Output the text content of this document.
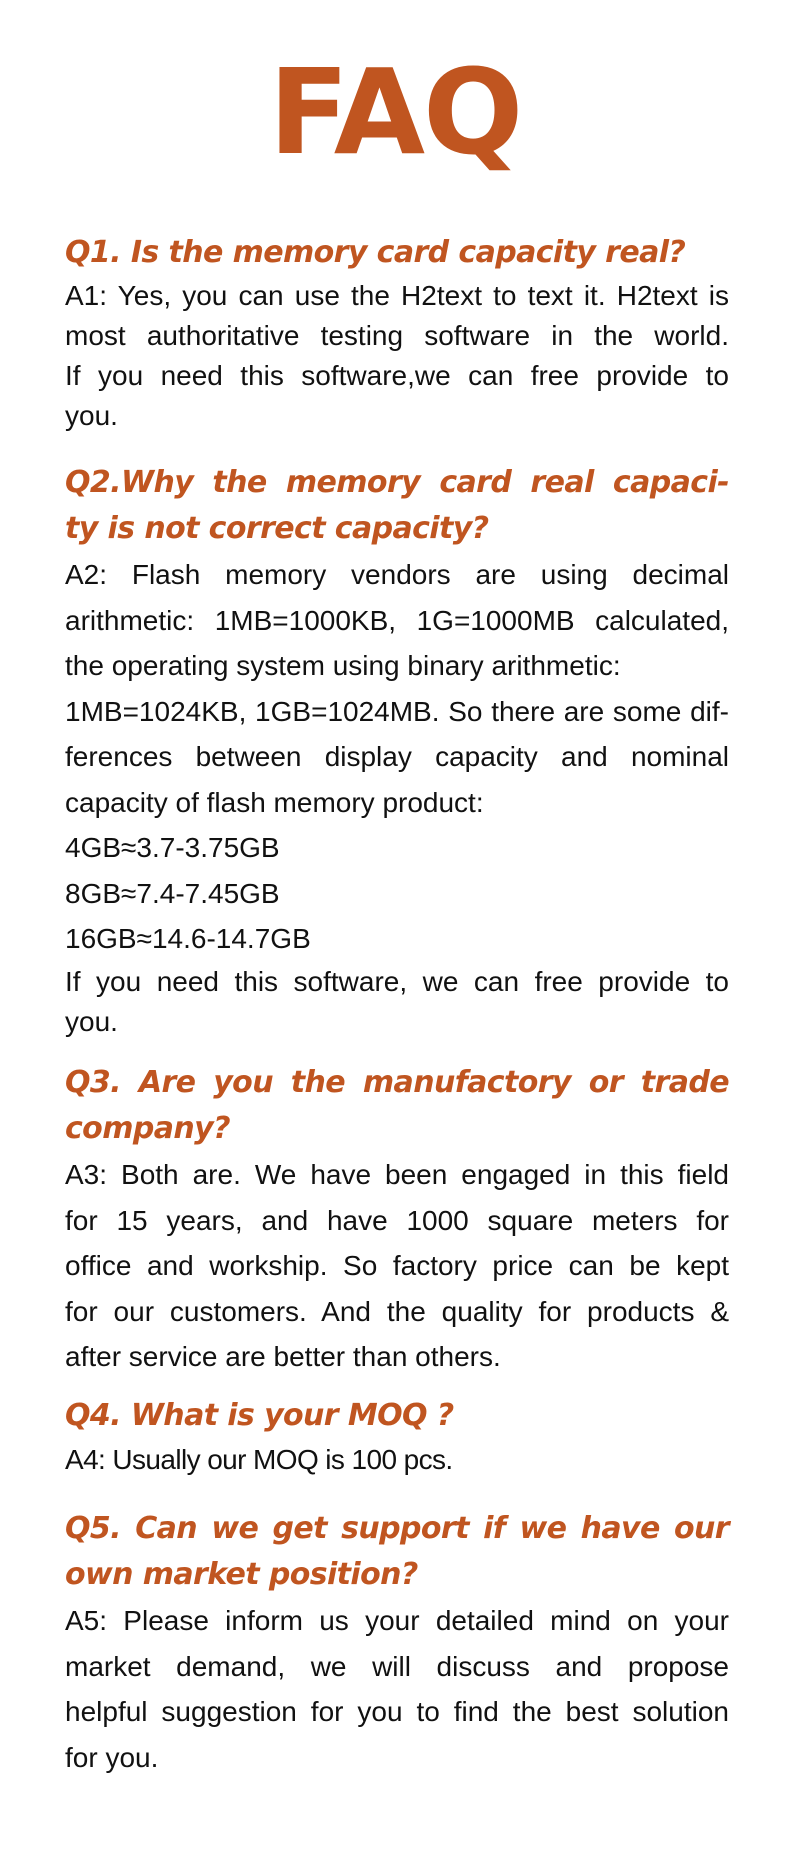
FAQ
Q1. Is the memory card capacity real?
A1: Yes, you can use the H2text to text it. H2text is
most authoritative testing software in the world.
If you need this software,we can free provide to
you.
Q2.Why the memory card real capaci-
ty is not correct capacity?
A2: Flash memory vendors are using decimal
arithmetic: 1MB=1000KB, 1G=1000MB calculated,
the operating system using binary arithmetic:
1MB=1024KB, 1GB=1024MB. So there are some dif-
ferences between display capacity and nominal
capacity of flash memory product:
4GB≈3.7-3.75GB
8GB≈7.4-7.45GB
16GB≈14.6-14.7GB
If you need this software, we can free provide to
you.
Q3. Are you the manufactory or trade
company?
A3: Both are. We have been engaged in this field
for 15 years, and have 1000 square meters for
office and workship. So factory price can be kept
for our customers. And the quality for products &
after service are better than others.
Q4. What is your MOQ ?
A4: Usually our MOQ is 100 pcs.
Q5. Can we get support if we have our
own market position?
A5: Please inform us your detailed mind on your
market demand, we will discuss and propose
helpful suggestion for you to find the best solution
for you.
